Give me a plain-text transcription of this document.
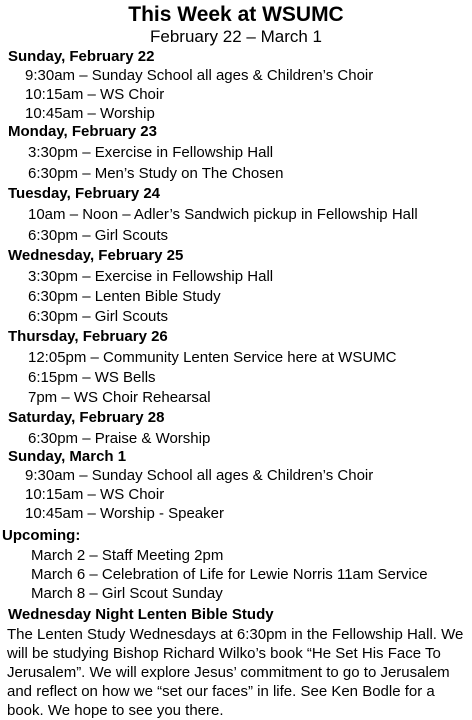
This Week at WSUMC
February 22 – March 1
Sunday, February 22
9:30am – Sunday School all ages & Children’s Choir
10:15am – WS Choir
10:45am – Worship
Monday, February 23
3:30pm – Exercise in Fellowship Hall
6:30pm – Men’s Study on The Chosen
Tuesday, February 24
10am – Noon – Adler’s Sandwich pickup in Fellowship Hall
6:30pm – Girl Scouts
Wednesday, February 25
3:30pm – Exercise in Fellowship Hall
6:30pm – Lenten Bible Study
6:30pm – Girl Scouts
Thursday, February 26
12:05pm – Community Lenten Service here at WSUMC
6:15pm – WS Bells
7pm – WS Choir Rehearsal
Saturday, February 28
6:30pm – Praise & Worship
Sunday, March 1
9:30am – Sunday School all ages & Children’s Choir
10:15am – WS Choir
10:45am – Worship - Speaker
Upcoming:
March 2 – Staff Meeting 2pm
March 6 – Celebration of Life for Lewie Norris 11am Service
March 8 – Girl Scout Sunday
Wednesday Night Lenten Bible Study
The Lenten Study Wednesdays at 6:30pm in the Fellowship Hall. We will be studying Bishop Richard Wilko’s book “He Set His Face To Jerusalem”. We will explore Jesus’ commitment to go to Jerusalem and reflect on how we “set our faces” in life. See Ken Bodle for a book. We hope to see you there.
